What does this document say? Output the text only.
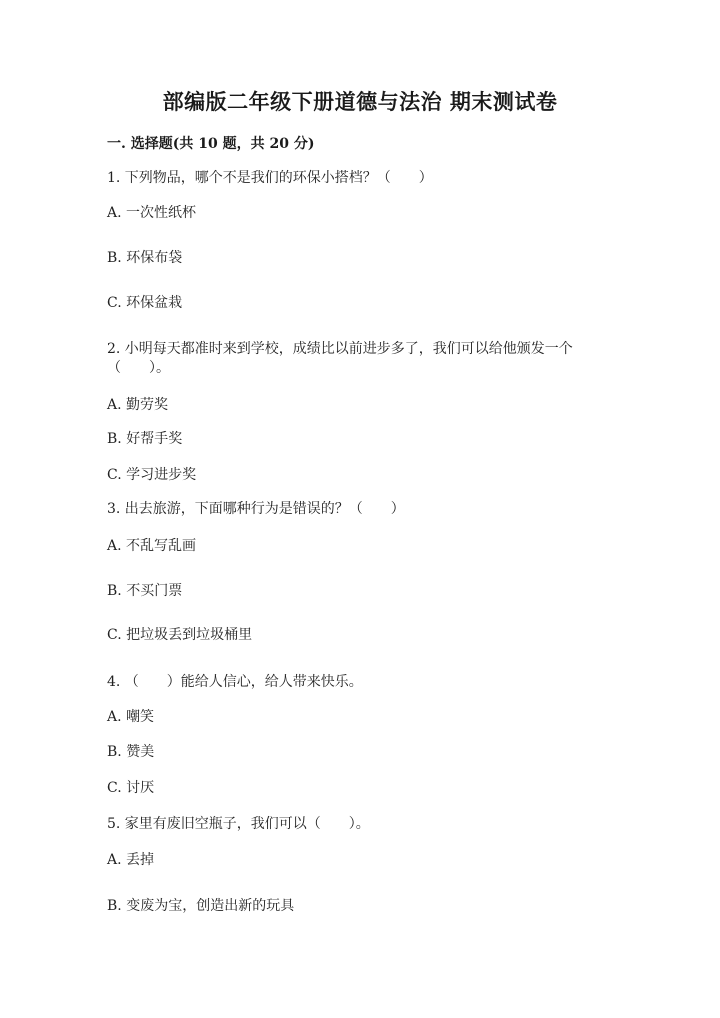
部编版二年级下册道德与法治 期末测试卷
一. 选择题(共 10 题，共 20 分)
1. 下列物品，哪个不是我们的环保小搭档？（　　）
A. 一次性纸杯
B. 环保布袋
C. 环保盆栽
2. 小明每天都准时来到学校，成绩比以前进步多了，我们可以给他颁发一个
（　　）。
A. 勤劳奖
B. 好帮手奖
C. 学习进步奖
3. 出去旅游，下面哪种行为是错误的？（　　）
A. 不乱写乱画
B. 不买门票
C. 把垃圾丢到垃圾桶里
4. （　　）能给人信心，给人带来快乐。
A. 嘲笑
B. 赞美
C. 讨厌
5. 家里有废旧空瓶子，我们可以（　　）。
A. 丢掉
B. 变废为宝，创造出新的玩具
